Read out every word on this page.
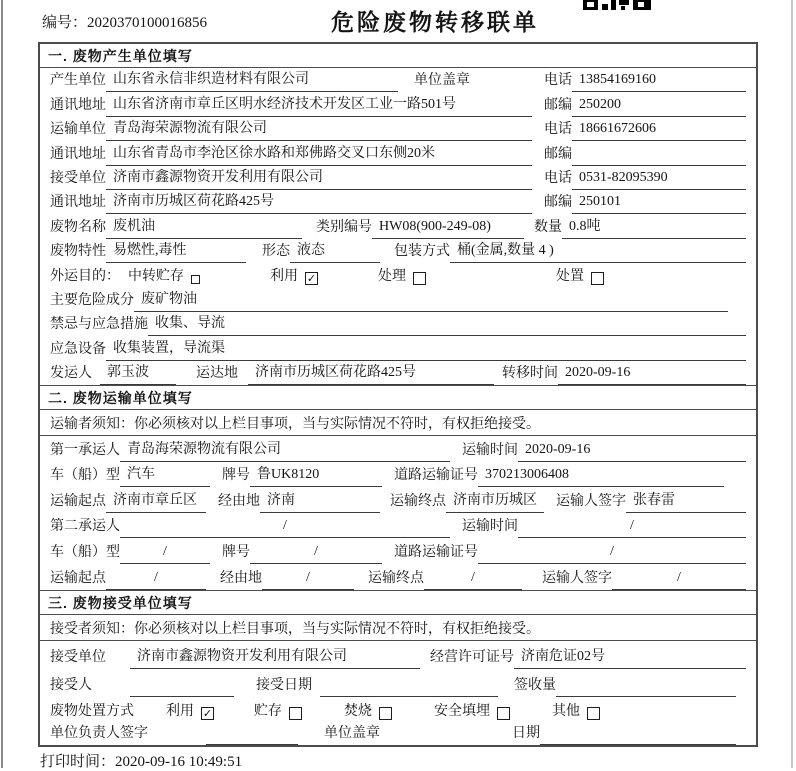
编号：2020370100016856	危险废物转移联单
一. 废物产生单位填写
产生单位 山东省永信非织造材料有限公司	单位盖章	电话 13854169160
通讯地址 山东省济南市章丘区明水经济技术开发区工业一路501号	邮编 250200
运输单位 青岛海荣源物流有限公司	电话 18661672606
通讯地址 山东省青岛市李沧区徐水路和郑佛路交叉口东侧20米	邮编
接受单位 济南市鑫源物资开发利用有限公司	电话 0531-82095390
通讯地址 济南市历城区荷花路425号	邮编 250101
废物名称 废机油	类别编号 HW08(900-249-08)	数量 0.8吨
废物特性 易燃性,毒性	形态 液态	包装方式 桶(金属,数量 4 )
外运目的： 中转贮存	利用 ✓	处理	处置
主要危险成分 废矿物油
禁忌与应急措施 收集、导流
应急设备 收集装置，导流渠
发运人	郭玉波	运达地	济南市历城区荷花路425号	转移时间 2020-09-16
二. 废物运输单位填写
运输者须知：你必须核对以上栏目事项，当与实际情况不符时，有权拒绝接受。
第一承运人 青岛海荣源物流有限公司	运输时间 2020-09-16
车（船）型 汽车	牌号 鲁UK8120	道路运输证号 370213006408
运输起点 济南市章丘区	经由地 济南	运输终点 济南市历城区	运输人签字 张春雷
第二承运人	/	运输时间	/
车（船）型	/	牌号	/	道路运输证号	/
运输起点	/	经由地	/	运输终点	/	运输人签字	/
三. 废物接受单位填写
接受者须知：你必须核对以上栏目事项，当与实际情况不符时，有权拒绝接受。
接受单位	济南市鑫源物资开发利用有限公司	经营许可证号 济南危证02号
接受人	接受日期	签收量
废物处置方式 利用 ✓	贮存	焚烧	安全填埋	其他
单位负责人签字	单位盖章	日期
打印时间：2020-09-16 10:49:51
